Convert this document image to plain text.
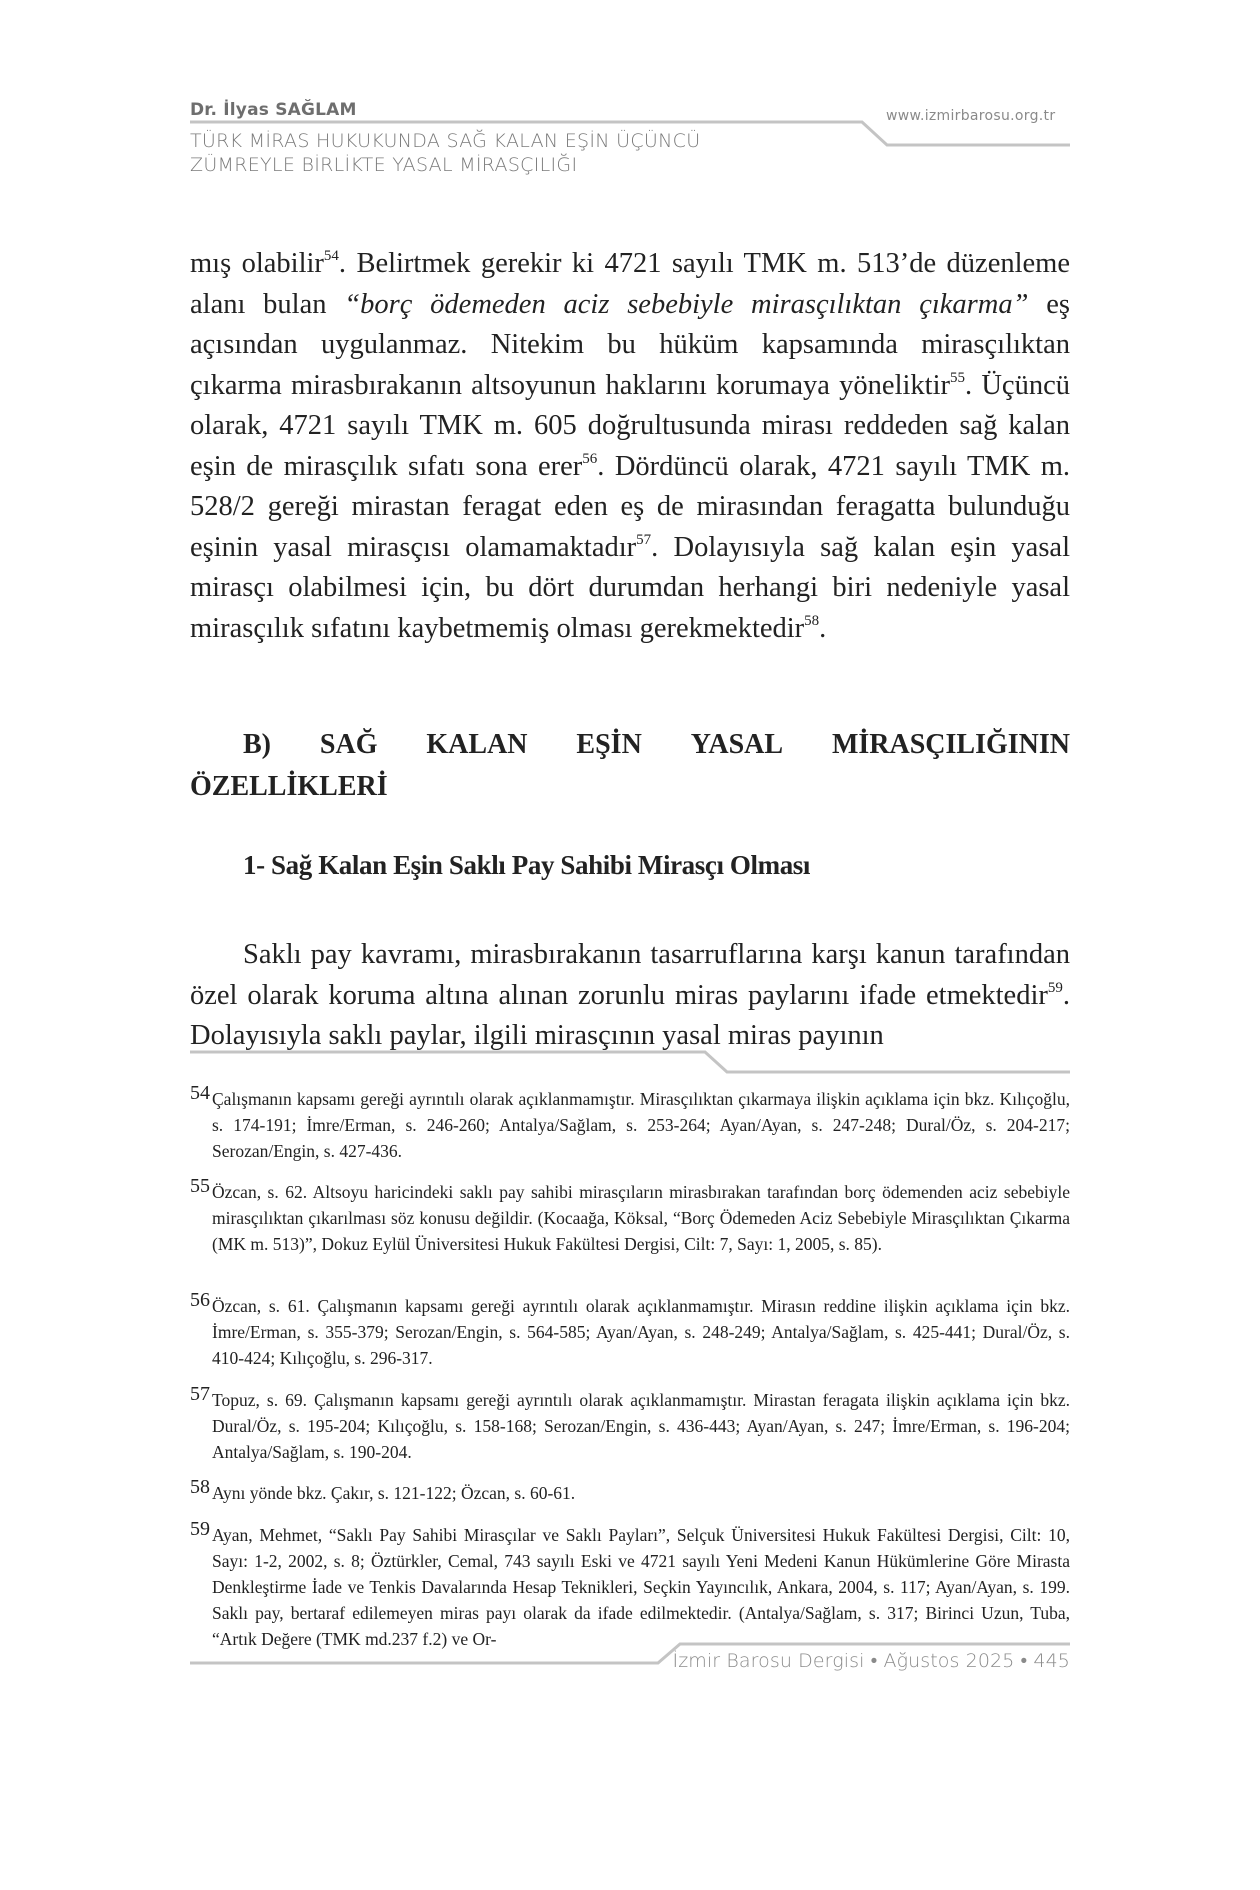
Dr. İlyas SAĞLAM
TÜRK MİRAS HUKUKUNDA SAĞ KALAN EŞİN ÜÇÜNCÜ
ZÜMREYLE BİRLİKTE YASAL MİRASÇILIĞI
www.izmirbarosu.org.tr
mış olabilir$^{54}$. Belirtmek gerekir ki 4721 sayılı TMK m. 513’de düzenleme alanı bulan “borç ödemeden aciz sebebiyle mirasçılıktan çıkarma” eş açısından uygulanmaz. Nitekim bu hüküm kapsamında mirasçılıktan çıkarma mirasbırakanın altsoyunun haklarını korumaya yöneliktir$^{55}$. Üçüncü olarak, 4721 sayılı TMK m. 605 doğrultusunda mirası reddeden sağ kalan eşin de mirasçılık sıfatı sona erer$^{56}$. Dördüncü olarak, 4721 sayılı TMK m. 528/2 gereği mirastan feragat eden eş de mirasından feragatta bulunduğu eşinin yasal mirasçısı olamamaktadır$^{57}$. Dolayısıyla sağ kalan eşin yasal mirasçı olabilmesi için, bu dört durumdan herhangi biri nedeniyle yasal mirasçılık sıfatını kaybetmemiş olması gerekmektedir$^{58}$.
B) SAĞ KALAN EŞİN YASAL MİRASÇILIĞININ
ÖZELLİKLERİ
1- Sağ Kalan Eşin Saklı Pay Sahibi Mirasçı Olması
Saklı pay kavramı, mirasbırakanın tasarruflarına karşı kanun tarafından özel olarak koruma altına alınan zorunlu miras paylarını ifade etmektedir$^{59}$. Dolayısıyla saklı paylar, ilgili mirasçının yasal miras payının
54 Çalışmanın kapsamı gereği ayrıntılı olarak açıklanmamıştır. Mirasçılıktan çıkarmaya ilişkin açıklama için bkz. Kılıçoğlu, s. 174-191; İmre/Erman, s. 246-260; Antalya/Sağlam, s. 253-264; Ayan/Ayan, s. 247-248; Dural/Öz, s. 204-217; Serozan/Engin, s. 427-436.
55 Özcan, s. 62. Altsoyu haricindeki saklı pay sahibi mirasçıların mirasbırakan tarafından borç ödemenden aciz sebebiyle mirasçılıktan çıkarılması söz konusu değildir. (Kocaağa, Köksal, “Borç Ödemeden Aciz Sebebiyle Mirasçılıktan Çıkarma (MK m. 513)”, Dokuz Eylül Üniversitesi Hukuk Fakültesi Dergisi, Cilt: 7, Sayı: 1, 2005, s. 85).
56 Özcan, s. 61. Çalışmanın kapsamı gereği ayrıntılı olarak açıklanmamıştır. Mirasın reddine ilişkin açıklama için bkz. İmre/Erman, s. 355-379; Serozan/Engin, s. 564-585; Ayan/Ayan, s. 248-249; Antalya/Sağlam, s. 425-441; Dural/Öz, s. 410-424; Kılıçoğlu, s. 296-317.
57 Topuz, s. 69. Çalışmanın kapsamı gereği ayrıntılı olarak açıklanmamıştır. Mirastan feragata ilişkin açıklama için bkz. Dural/Öz, s. 195-204; Kılıçoğlu, s. 158-168; Serozan/Engin, s. 436-443; Ayan/Ayan, s. 247; İmre/Erman, s. 196-204; Antalya/Sağlam, s. 190-204.
58 Aynı yönde bkz. Çakır, s. 121-122; Özcan, s. 60-61.
59 Ayan, Mehmet, “Saklı Pay Sahibi Mirasçılar ve Saklı Payları”, Selçuk Üniversitesi Hukuk Fakültesi Dergisi, Cilt: 10, Sayı: 1-2, 2002, s. 8; Öztürkler, Cemal, 743 sayılı Eski ve 4721 sayılı Yeni Medeni Kanun Hükümlerine Göre Mirasta Denkleştirme İade ve Tenkis Davalarında Hesap Teknikleri, Seçkin Yayıncılık, Ankara, 2004, s. 117; Ayan/Ayan, s. 199. Saklı pay, bertaraf edilemeyen miras payı olarak da ifade edilmektedir. (Antalya/Sağlam, s. 317; Birinci Uzun, Tuba, “Artık Değere (TMK md.237 f.2) ve Or-
İzmir Barosu Dergisi • Ağustos 2025 • 445
